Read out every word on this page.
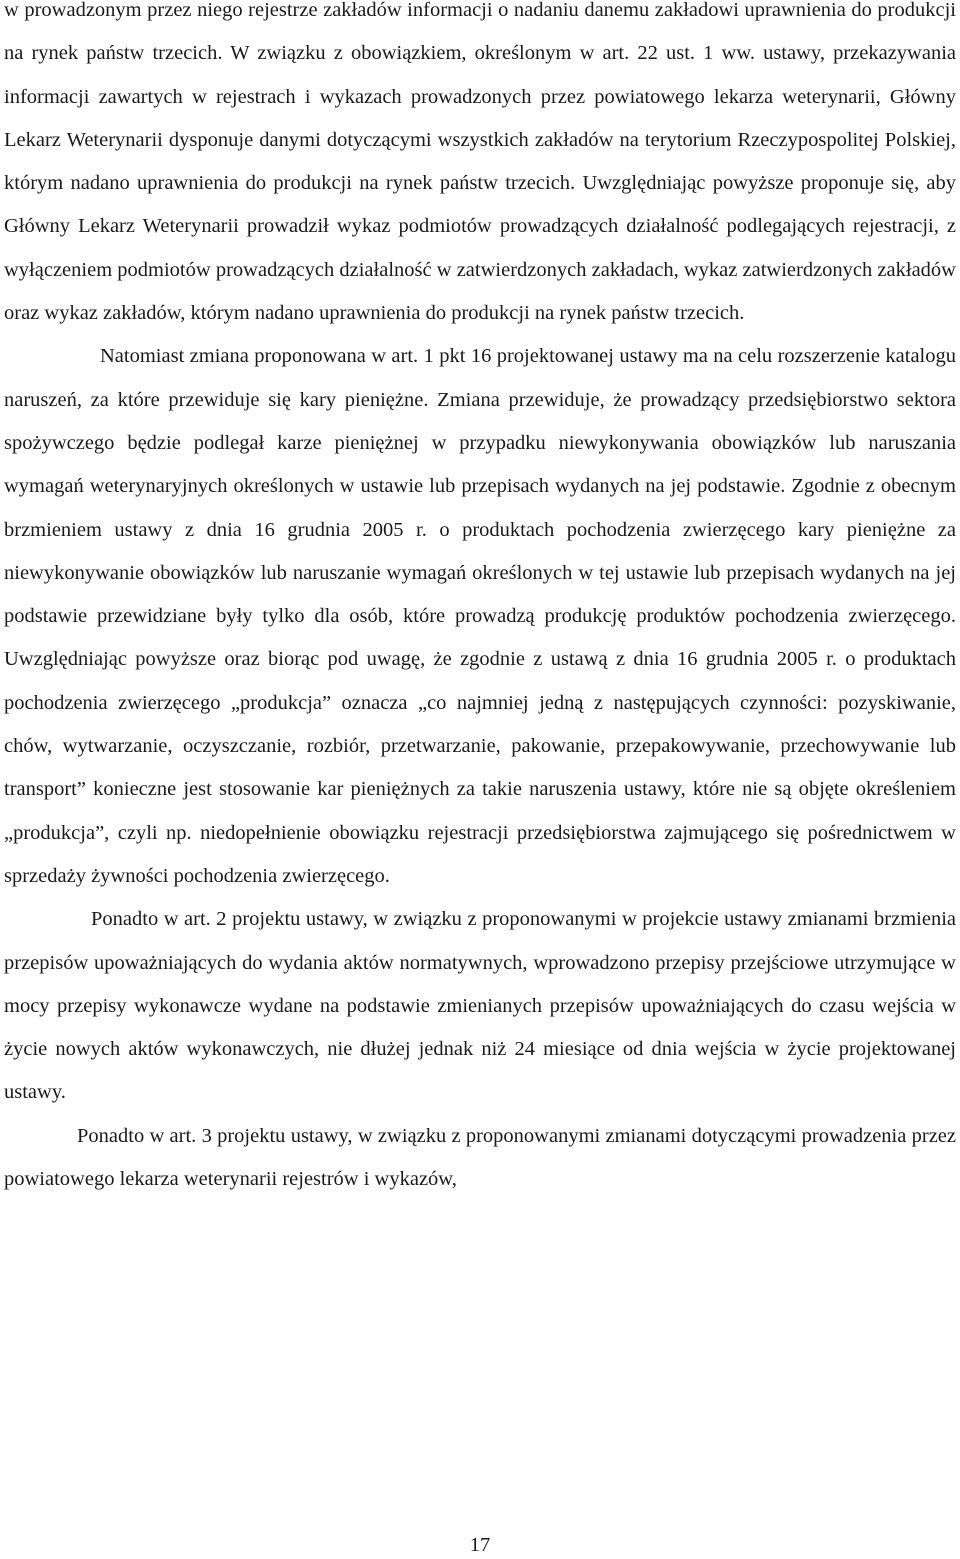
w prowadzonym przez niego rejestrze zakładów informacji o nadaniu danemu zakładowi uprawnienia do produkcji na rynek państw trzecich. W związku z obowiązkiem, określonym w art. 22 ust. 1 ww. ustawy, przekazywania informacji zawartych w rejestrach i wykazach prowadzonych przez powiatowego lekarza weterynarii, Główny Lekarz Weterynarii dysponuje danymi dotyczącymi wszystkich zakładów na terytorium Rzeczypospolitej Polskiej, którym nadano uprawnienia do produkcji na rynek państw trzecich. Uwzględniając powyższe proponuje się, aby Główny Lekarz Weterynarii prowadził wykaz podmiotów prowadzących działalność podlegających rejestracji, z wyłączeniem podmiotów prowadzących działalność w zatwierdzonych zakładach, wykaz zatwierdzonych zakładów oraz wykaz zakładów, którym nadano uprawnienia do produkcji na rynek państw trzecich.

Natomiast zmiana proponowana w art. 1 pkt 16 projektowanej ustawy ma na celu rozszerzenie katalogu naruszeń, za które przewiduje się kary pieniężne. Zmiana przewiduje, że prowadzący przedsiębiorstwo sektora spożywczego będzie podlegał karze pieniężnej w przypadku niewykonywania obowiązków lub naruszania wymagań weterynaryjnych określonych w ustawie lub przepisach wydanych na jej podstawie. Zgodnie z obecnym brzmieniem ustawy z dnia 16 grudnia 2005 r. o produktach pochodzenia zwierzęcego kary pieniężne za niewykonywanie obowiązków lub naruszanie wymagań określonych w tej ustawie lub przepisach wydanych na jej podstawie przewidziane były tylko dla osób, które prowadzą produkcję produktów pochodzenia zwierzęcego. Uwzględniając powyższe oraz biorąc pod uwagę, że zgodnie z ustawą z dnia 16 grudnia 2005 r. o produktach pochodzenia zwierzęcego „produkcja” oznacza „co najmniej jedną z następujących czynności: pozyskiwanie, chów, wytwarzanie, oczyszczanie, rozbiór, przetwarzanie, pakowanie, przepakowywanie, przechowywanie lub transport” konieczne jest stosowanie kar pieniężnych za takie naruszenia ustawy, które nie są objęte określeniem „produkcja”, czyli np. niedopełnienie obowiązku rejestracji przedsiębiorstwa zajmującego się pośrednictwem w sprzedaży żywności pochodzenia zwierzęcego.

Ponadto w art. 2 projektu ustawy, w związku z proponowanymi w projekcie ustawy zmianami brzmienia przepisów upoważniających do wydania aktów normatywnych, wprowadzono przepisy przejściowe utrzymujące w mocy przepisy wykonawcze wydane na podstawie zmienianych przepisów upoważniających do czasu wejścia w życie nowych aktów wykonawczych, nie dłużej jednak niż 24 miesiące od dnia wejścia w życie projektowanej ustawy.

Ponadto w art. 3 projektu ustawy, w związku z proponowanymi zmianami dotyczącymi prowadzenia przez powiatowego lekarza weterynarii rejestrów i wykazów,

17
